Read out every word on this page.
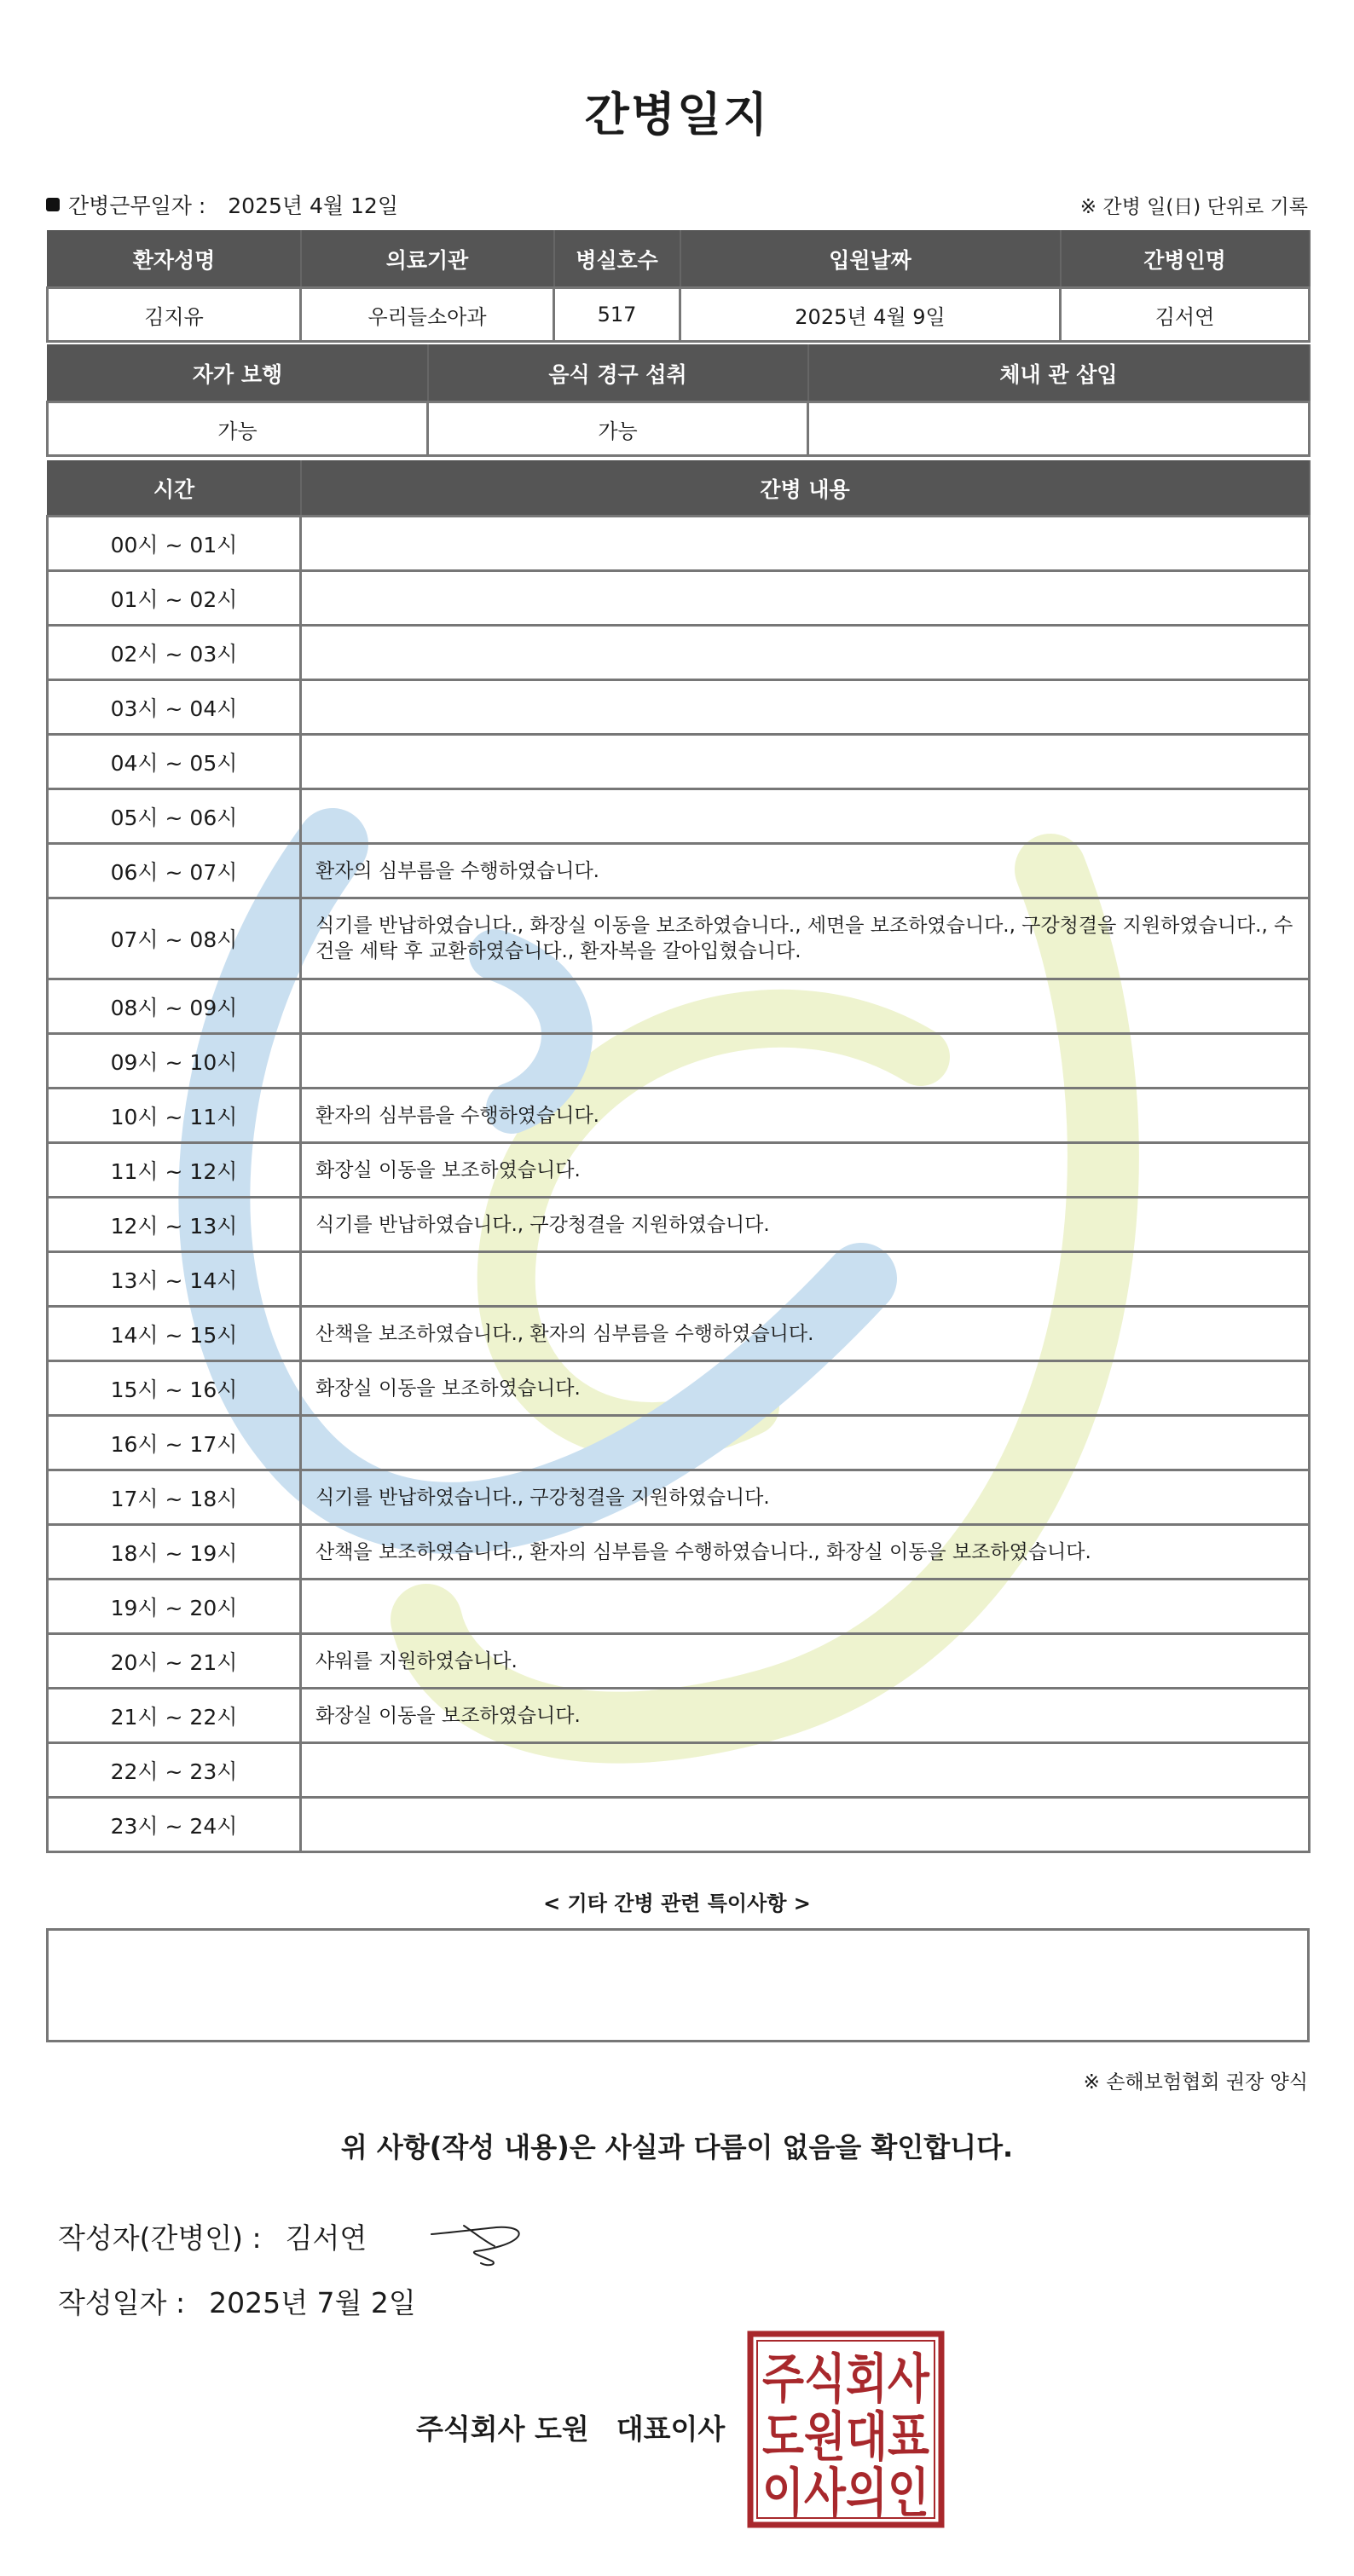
간병일지
간병근무일자 : 2025년 4월 12일	※ 간병 일(日) 단위로 기록
환자성명	의료기관	병실호수	입원날짜	간병인명
김지유	우리들소아과	517	2025년 4월 9일	김서연
자가 보행	음식 경구 섭취	체내 관 삽입
가능	가능	
시간	간병 내용
00시 ~ 01시	
01시 ~ 02시	
02시 ~ 03시	
03시 ~ 04시	
04시 ~ 05시	
05시 ~ 06시	
06시 ~ 07시	환자의 심부름을 수행하였습니다.
07시 ~ 08시	식기를 반납하였습니다., 화장실 이동을 보조하였습니다., 세면을 보조하였습니다., 구강청결을 지원하였습니다., 수건을 세탁 후 교환하였습니다., 환자복을 갈아입혔습니다.
08시 ~ 09시	
09시 ~ 10시	
10시 ~ 11시	환자의 심부름을 수행하였습니다.
11시 ~ 12시	화장실 이동을 보조하였습니다.
12시 ~ 13시	식기를 반납하였습니다., 구강청결을 지원하였습니다.
13시 ~ 14시	
14시 ~ 15시	산책을 보조하였습니다., 환자의 심부름을 수행하였습니다.
15시 ~ 16시	화장실 이동을 보조하였습니다.
16시 ~ 17시	
17시 ~ 18시	식기를 반납하였습니다., 구강청결을 지원하였습니다.
18시 ~ 19시	산책을 보조하였습니다., 환자의 심부름을 수행하였습니다., 화장실 이동을 보조하였습니다.
19시 ~ 20시	
20시 ~ 21시	샤워를 지원하였습니다.
21시 ~ 22시	화장실 이동을 보조하였습니다.
22시 ~ 23시	
23시 ~ 24시	
< 기타 간병 관련 특이사항 >
※ 손해보험협회 권장 양식
위 사항(작성 내용)은 사실과 다름이 없음을 확인합니다.
작성자(간병인) : 김서연
작성일자 : 2025년 7월 2일
주식회사 도원 대표이사
주식회사
도원대표
이사의인
